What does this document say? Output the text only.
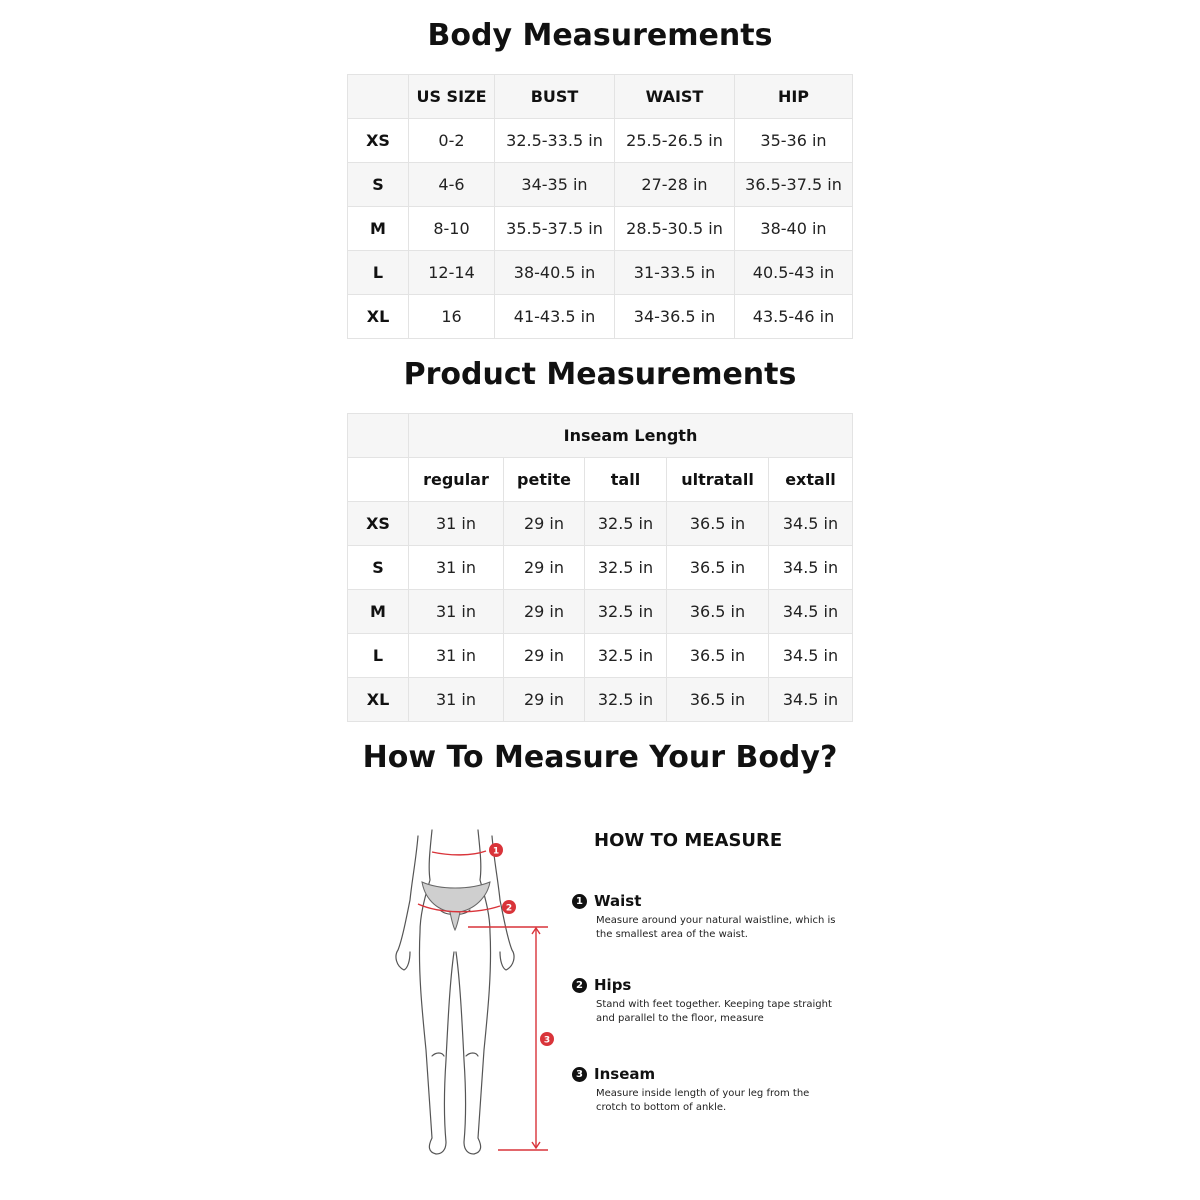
Body Measurements
	US SIZE	BUST	WAIST	HIP
XS	0-2	32.5-33.5 in	25.5-26.5 in	35-36 in
S	4-6	34-35 in	27-28 in	36.5-37.5 in
M	8-10	35.5-37.5 in	28.5-30.5 in	38-40 in
L	12-14	38-40.5 in	31-33.5 in	40.5-43 in
XL	16	41-43.5 in	34-36.5 in	43.5-46 in
Product Measurements
	Inseam Length				
	regular	petite	tall	ultratall	extall
XS	31 in	29 in	32.5 in	36.5 in	34.5 in
S	31 in	29 in	32.5 in	36.5 in	34.5 in
M	31 in	29 in	32.5 in	36.5 in	34.5 in
L	31 in	29 in	32.5 in	36.5 in	34.5 in
XL	31 in	29 in	32.5 in	36.5 in	34.5 in
How To Measure Your Body?
1
2
3
HOW TO MEASURE
1 Waist

Measure around your natural waistline, which is the smallest area of the waist.

2 Hips

Stand with feet together. Keeping tape straight and parallel to the floor, measure

3 Inseam

Measure inside length of your leg from the crotch to bottom of ankle.
